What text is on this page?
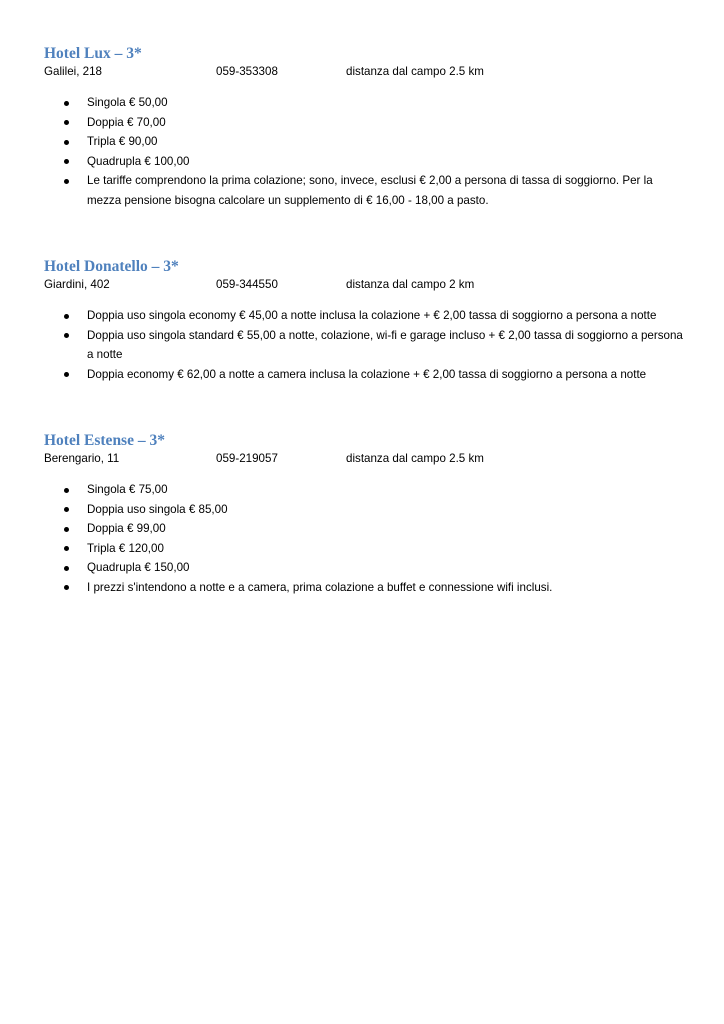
Hotel Lux – 3*
Galilei, 218	059-353308	distanza dal campo 2.5 km
Singola € 50,00
Doppia € 70,00
Tripla € 90,00
Quadrupla € 100,00
Le tariffe comprendono la prima colazione; sono, invece, esclusi € 2,00 a persona di tassa di soggiorno. Per la mezza pensione bisogna calcolare un supplemento di € 16,00 - 18,00 a pasto.
Hotel Donatello – 3*
Giardini, 402	059-344550	distanza dal campo 2 km
Doppia uso singola economy € 45,00 a notte inclusa la colazione + € 2,00 tassa di soggiorno a persona a notte
Doppia uso singola standard € 55,00 a notte, colazione, wi-fi e garage incluso + € 2,00 tassa di soggiorno a persona a notte
Doppia economy € 62,00 a notte a camera inclusa la colazione + € 2,00 tassa di soggiorno a persona a notte
Hotel Estense – 3*
Berengario, 11	059-219057	distanza dal campo 2.5 km
Singola € 75,00
Doppia uso singola € 85,00
Doppia € 99,00
Tripla € 120,00
Quadrupla € 150,00
I prezzi s'intendono a notte e a camera, prima colazione a buffet e connessione wifi inclusi.
